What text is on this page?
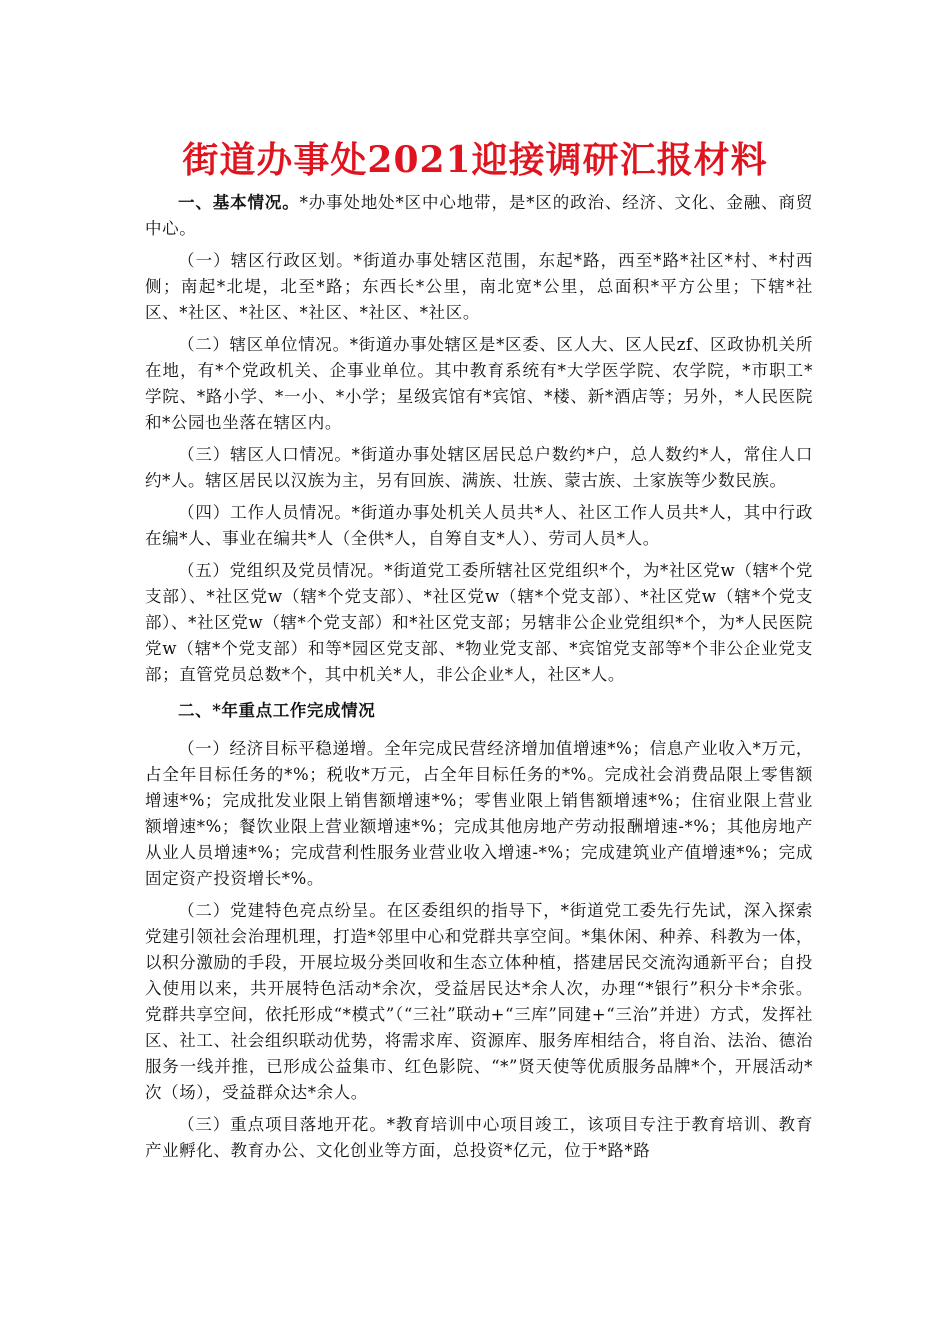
街道办事处2021迎接调研汇报材料

一、基本情况。*办事处地处*区中心地带，是*区的政治、经济、文化、金融、商贸中心。

（一）辖区行政区划。*街道办事处辖区范围，东起*路，西至*路*社区*村、*村西侧；南起*北堤，北至*路；东西长*公里，南北宽*公里，总面积*平方公里；下辖*社区、*社区、*社区、*社区、*社区、*社区。

（二）辖区单位情况。*街道办事处辖区是*区委、区人大、区人民zf、区政协机关所在地，有*个党政机关、企事业单位。其中教育系统有*大学医学院、农学院，*市职工*学院、*路小学、*一小、*小学；星级宾馆有*宾馆、*楼、新*酒店等；另外，*人民医院和*公园也坐落在辖区内。

（三）辖区人口情况。*街道办事处辖区居民总户数约*户，总人数约*人，常住人口约*人。辖区居民以汉族为主，另有回族、满族、壮族、蒙古族、土家族等少数民族。

（四）工作人员情况。*街道办事处机关人员共*人、社区工作人员共*人，其中行政在编*人、事业在编共*人（全供*人，自筹自支*人）、劳司人员*人。

（五）党组织及党员情况。*街道党工委所辖社区党组织*个，为*社区党w（辖*个党支部）、*社区党w（辖*个党支部）、*社区党w（辖*个党支部）、*社区党w（辖*个党支部）、*社区党w（辖*个党支部）和*社区党支部；另辖非公企业党组织*个，为*人民医院党w（辖*个党支部）和等*园区党支部、*物业党支部、*宾馆党支部等*个非公企业党支部；直管党员总数*个，其中机关*人，非公企业*人，社区*人。

二、*年重点工作完成情况

（一）经济目标平稳递增。全年完成民营经济增加值增速*%；信息产业收入*万元，占全年目标任务的*%；税收*万元，占全年目标任务的*%。完成社会消费品限上零售额增速*%；完成批发业限上销售额增速*%；零售业限上销售额增速*%；住宿业限上营业额增速*%；餐饮业限上营业额增速*%；完成其他房地产劳动报酬增速-*%；其他房地产从业人员增速*%；完成营利性服务业营业收入增速-*%；完成建筑业产值增速*%；完成固定资产投资增长*%。

（二）党建特色亮点纷呈。在区委组织的指导下，*街道党工委先行先试，深入探索党建引领社会治理机理，打造*邻里中心和党群共享空间。*集休闲、种养、科教为一体，以积分激励的手段，开展垃圾分类回收和生态立体种植，搭建居民交流沟通新平台；自投入使用以来，共开展特色活动*余次，受益居民达*余人次，办理“*银行”积分卡*余张。党群共享空间，依托形成“*模式”（“三社”联动+“三库”同建+“三治”并进）方式，发挥社区、社工、社会组织联动优势，将需求库、资源库、服务库相结合，将自治、法治、德治服务一线并推，已形成公益集市、红色影院、“*”贤天使等优质服务品牌*个，开展活动*次（场），受益群众达*余人。

（三）重点项目落地开花。*教育培训中心项目竣工，该项目专注于教育培训、教育产业孵化、教育办公、文化创业等方面，总投资*亿元，位于*路*路
